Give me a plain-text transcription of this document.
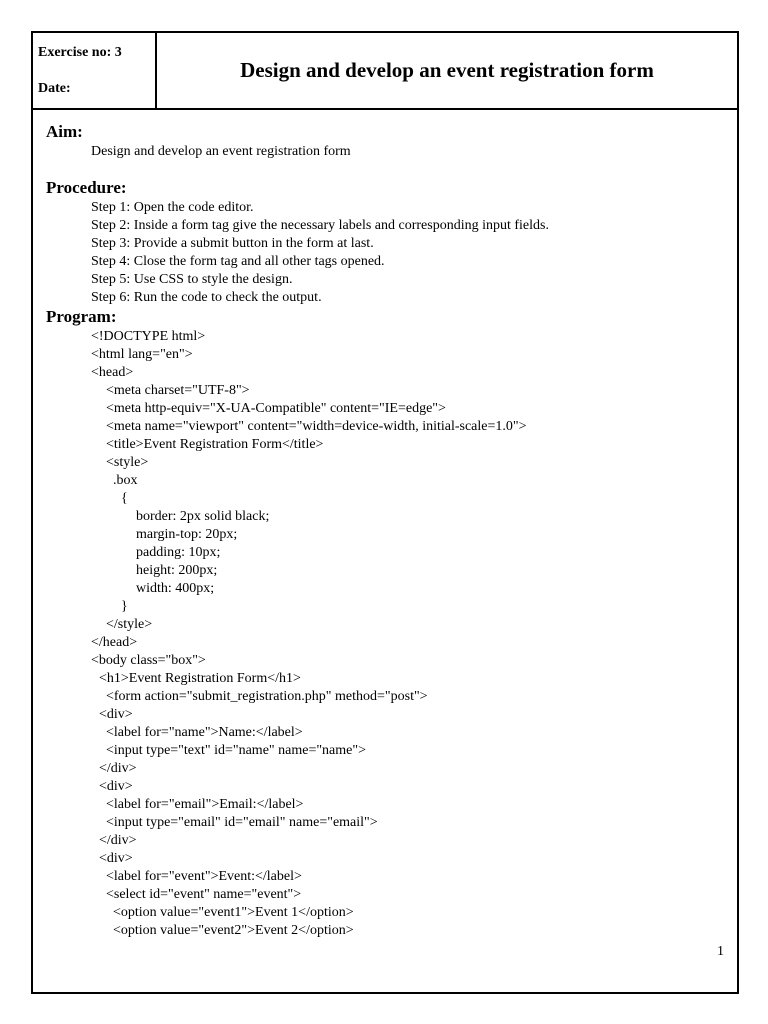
Exercise no: 3
Date:
Design and develop an event registration form
Aim:
Design and develop an event registration form
Procedure:
Step 1: Open the code editor.
Step 2: Inside a form tag give the necessary labels and corresponding input fields.
Step 3: Provide a submit button in the form at last.
Step 4: Close the form tag and all other tags opened.
Step 5: Use CSS to style the design.
Step 6: Run the code to check the output.
Program:
<!DOCTYPE html>
<html lang="en">
<head>
<meta charset="UTF-8">
<meta http-equiv="X-UA-Compatible" content="IE=edge">
<meta name="viewport" content="width=device-width, initial-scale=1.0">
<title>Event Registration Form</title>
<style>
.box
{
border: 2px solid black;
margin-top: 20px;
padding: 10px;
height: 200px;
width: 400px;
}
</style>
</head>
<body class="box">
<h1>Event Registration Form</h1>
<form action="submit_registration.php" method="post">
<div>
<label for="name">Name:</label>
<input type="text" id="name" name="name">
</div>
<div>
<label for="email">Email:</label>
<input type="email" id="email" name="email">
</div>
<div>
<label for="event">Event:</label>
<select id="event" name="event">
<option value="event1">Event 1</option>
<option value="event2">Event 2</option>
1
